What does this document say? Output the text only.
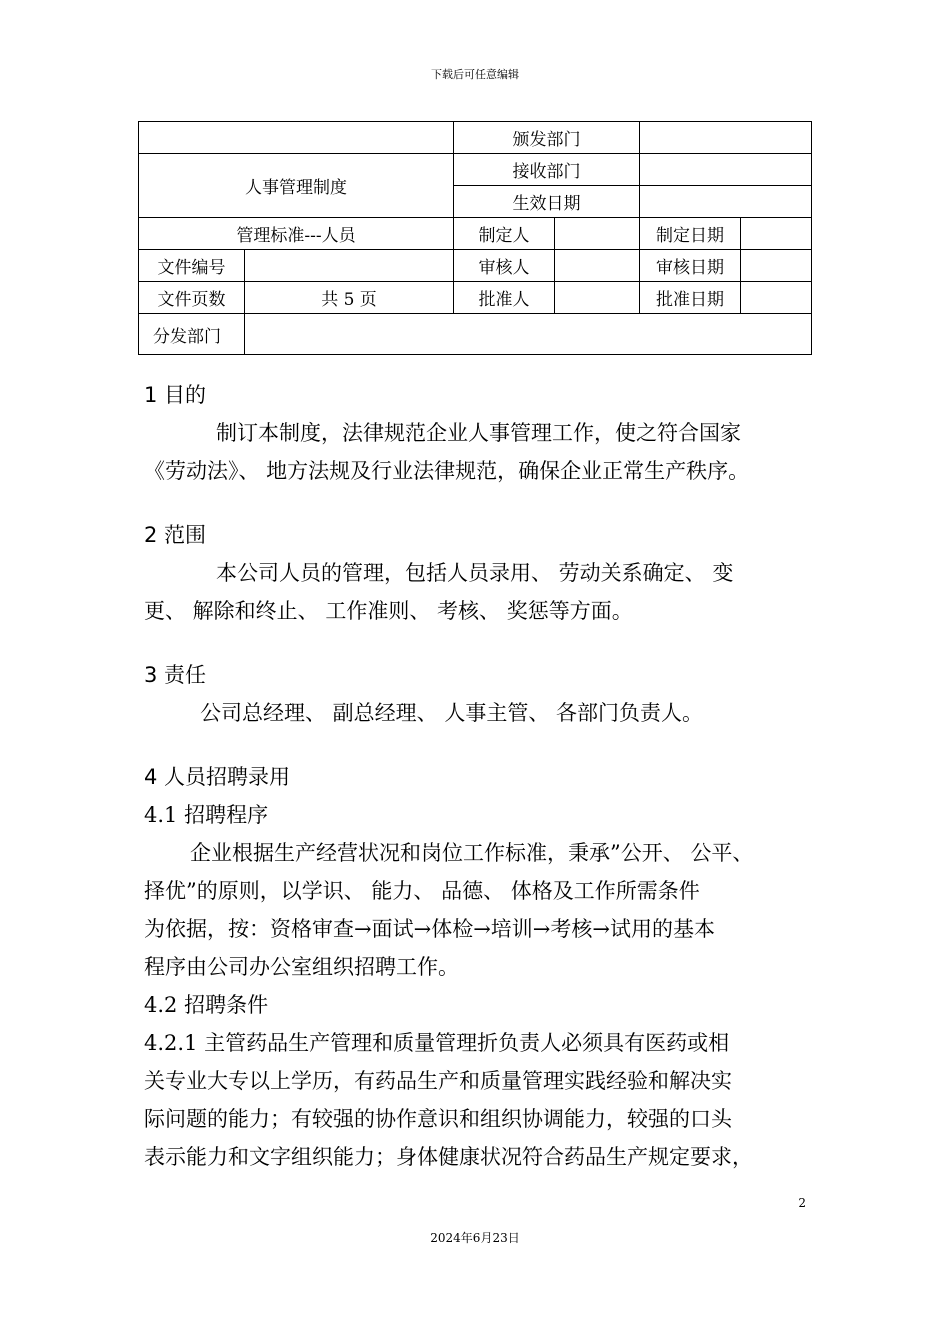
下载后可任意编辑
		颁发部门			
人事管理制度		接收部门			
		生效日期			
管理标准---人员		制定人		制定日期	
文件编号		审核人		审核日期	
文件页数	共 5 页	批准人		批准日期	
分发部门					

1 目的

制订本制度，法律规范企业人事管理工作，使之符合国家

《劳动法》、 地方法规及行业法律规范，确保企业正常生产秩序。

2 范围

本公司人员的管理，包括人员录用、 劳动关系确定、 变

更、 解除和终止、 工作准则、 考核、 奖惩等方面。

3 责任

公司总经理、 副总经理、 人事主管、 各部门负责人。

4 人员招聘录用

4.1 招聘程序

企业根据生产经营状况和岗位工作标准，秉承”公开、 公平、

择优”的原则，以学识、 能力、 品德、 体格及工作所需条件

为依据，按：资格审查→面试→体检→培训→考核→试用的基本

程序由公司办公室组织招聘工作。

4.2 招聘条件

4.2.1 主管药品生产管理和质量管理折负责人必须具有医药或相

关专业大专以上学历，有药品生产和质量管理实践经验和解决实

际问题的能力；有较强的协作意识和组织协调能力，较强的口头

表示能力和文字组织能力；身体健康状况符合药品生产规定要求，

2
2024年6月23日
